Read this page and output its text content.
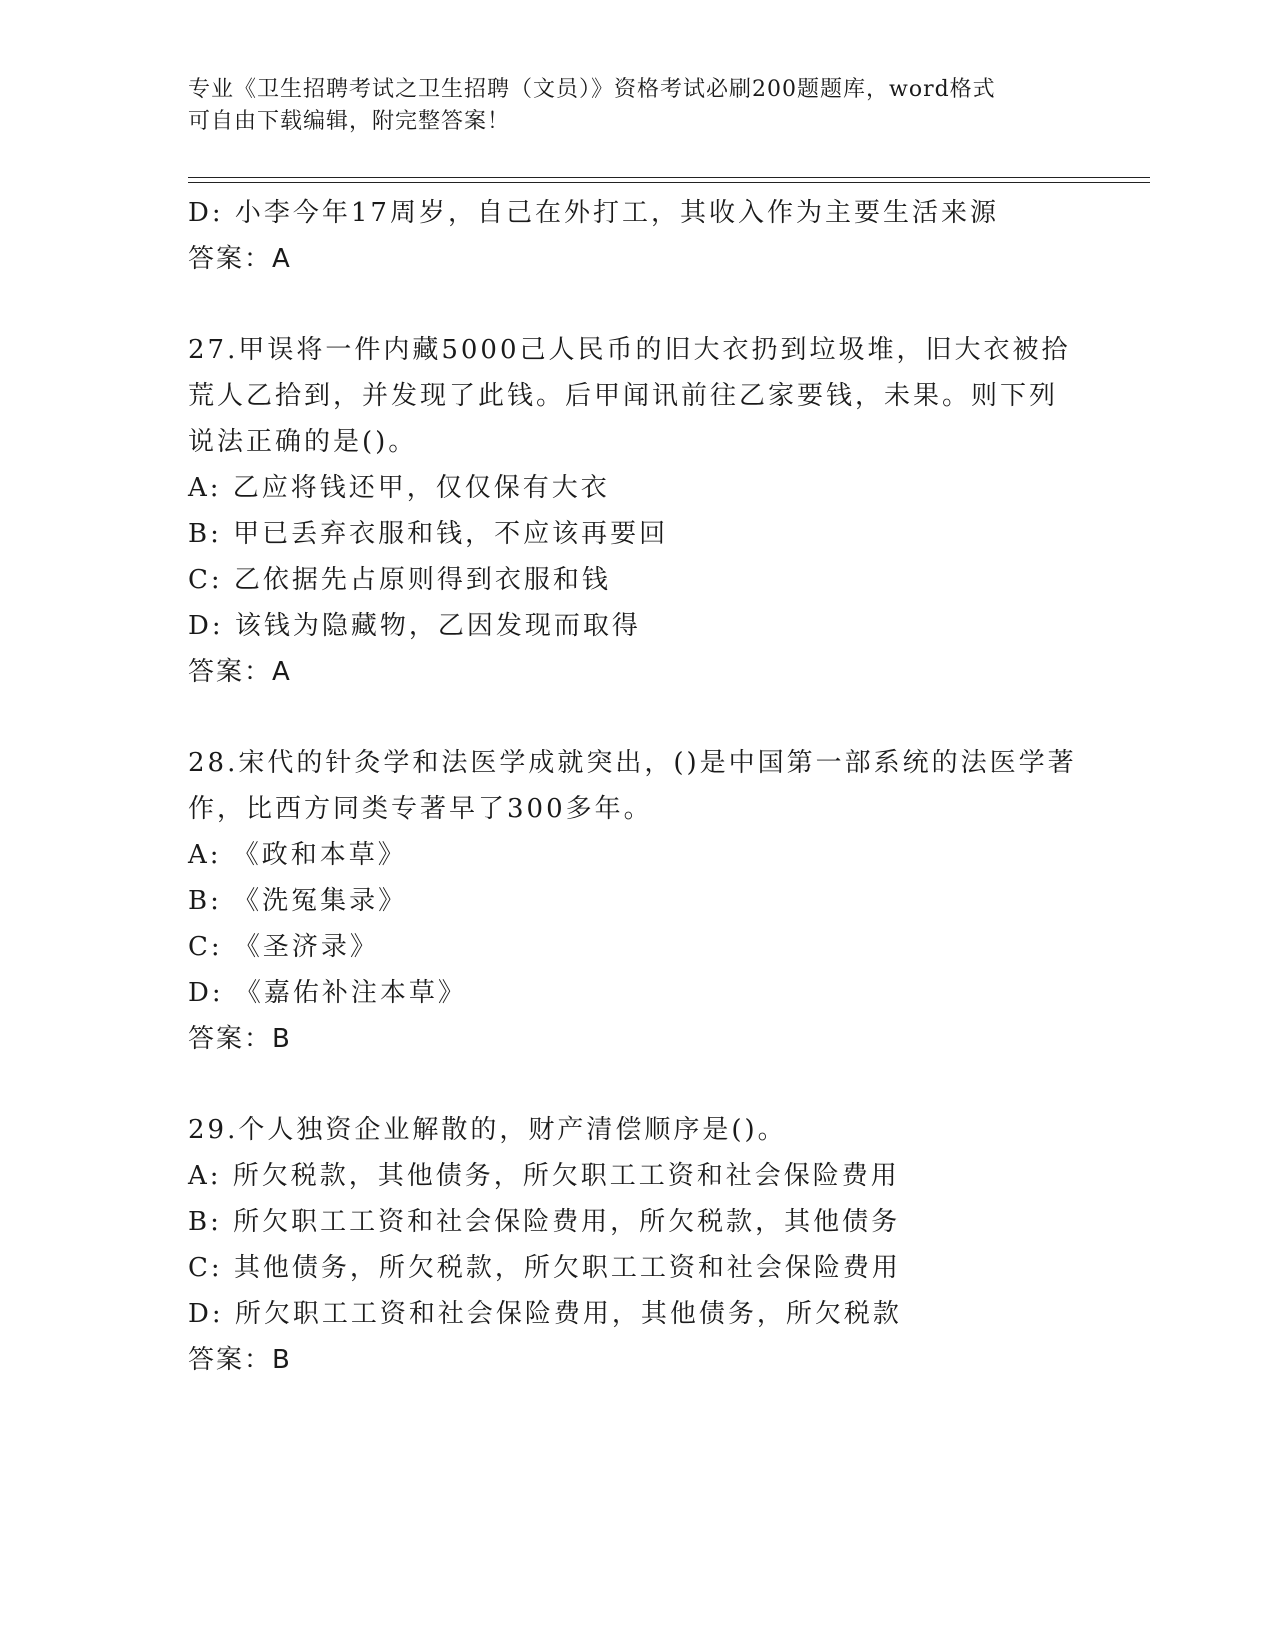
专业《卫生招聘考试之卫生招聘（文员）》资格考试必刷200题题库，word格式
可自由下载编辑，附完整答案！
D: 小李今年17周岁，自己在外打工，其收入作为主要生活来源
答案：A
27.甲误将一件内藏5000己人民币的旧大衣扔到垃圾堆，旧大衣被拾
荒人乙拾到，并发现了此钱。后甲闻讯前往乙家要钱，未果。则下列
说法正确的是()。
A: 乙应将钱还甲，仅仅保有大衣
B: 甲已丢弃衣服和钱，不应该再要回
C: 乙依据先占原则得到衣服和钱
D: 该钱为隐藏物，乙因发现而取得
答案：A
28.宋代的针灸学和法医学成就突出，()是中国第一部系统的法医学著
作，比西方同类专著早了300多年。
A: 《政和本草》
B: 《洗冤集录》
C: 《圣济录》
D: 《嘉佑补注本草》
答案：B
29.个人独资企业解散的，财产清偿顺序是()。
A: 所欠税款，其他债务，所欠职工工资和社会保险费用
B: 所欠职工工资和社会保险费用，所欠税款，其他债务
C: 其他债务，所欠税款，所欠职工工资和社会保险费用
D: 所欠职工工资和社会保险费用，其他债务，所欠税款
答案：B
